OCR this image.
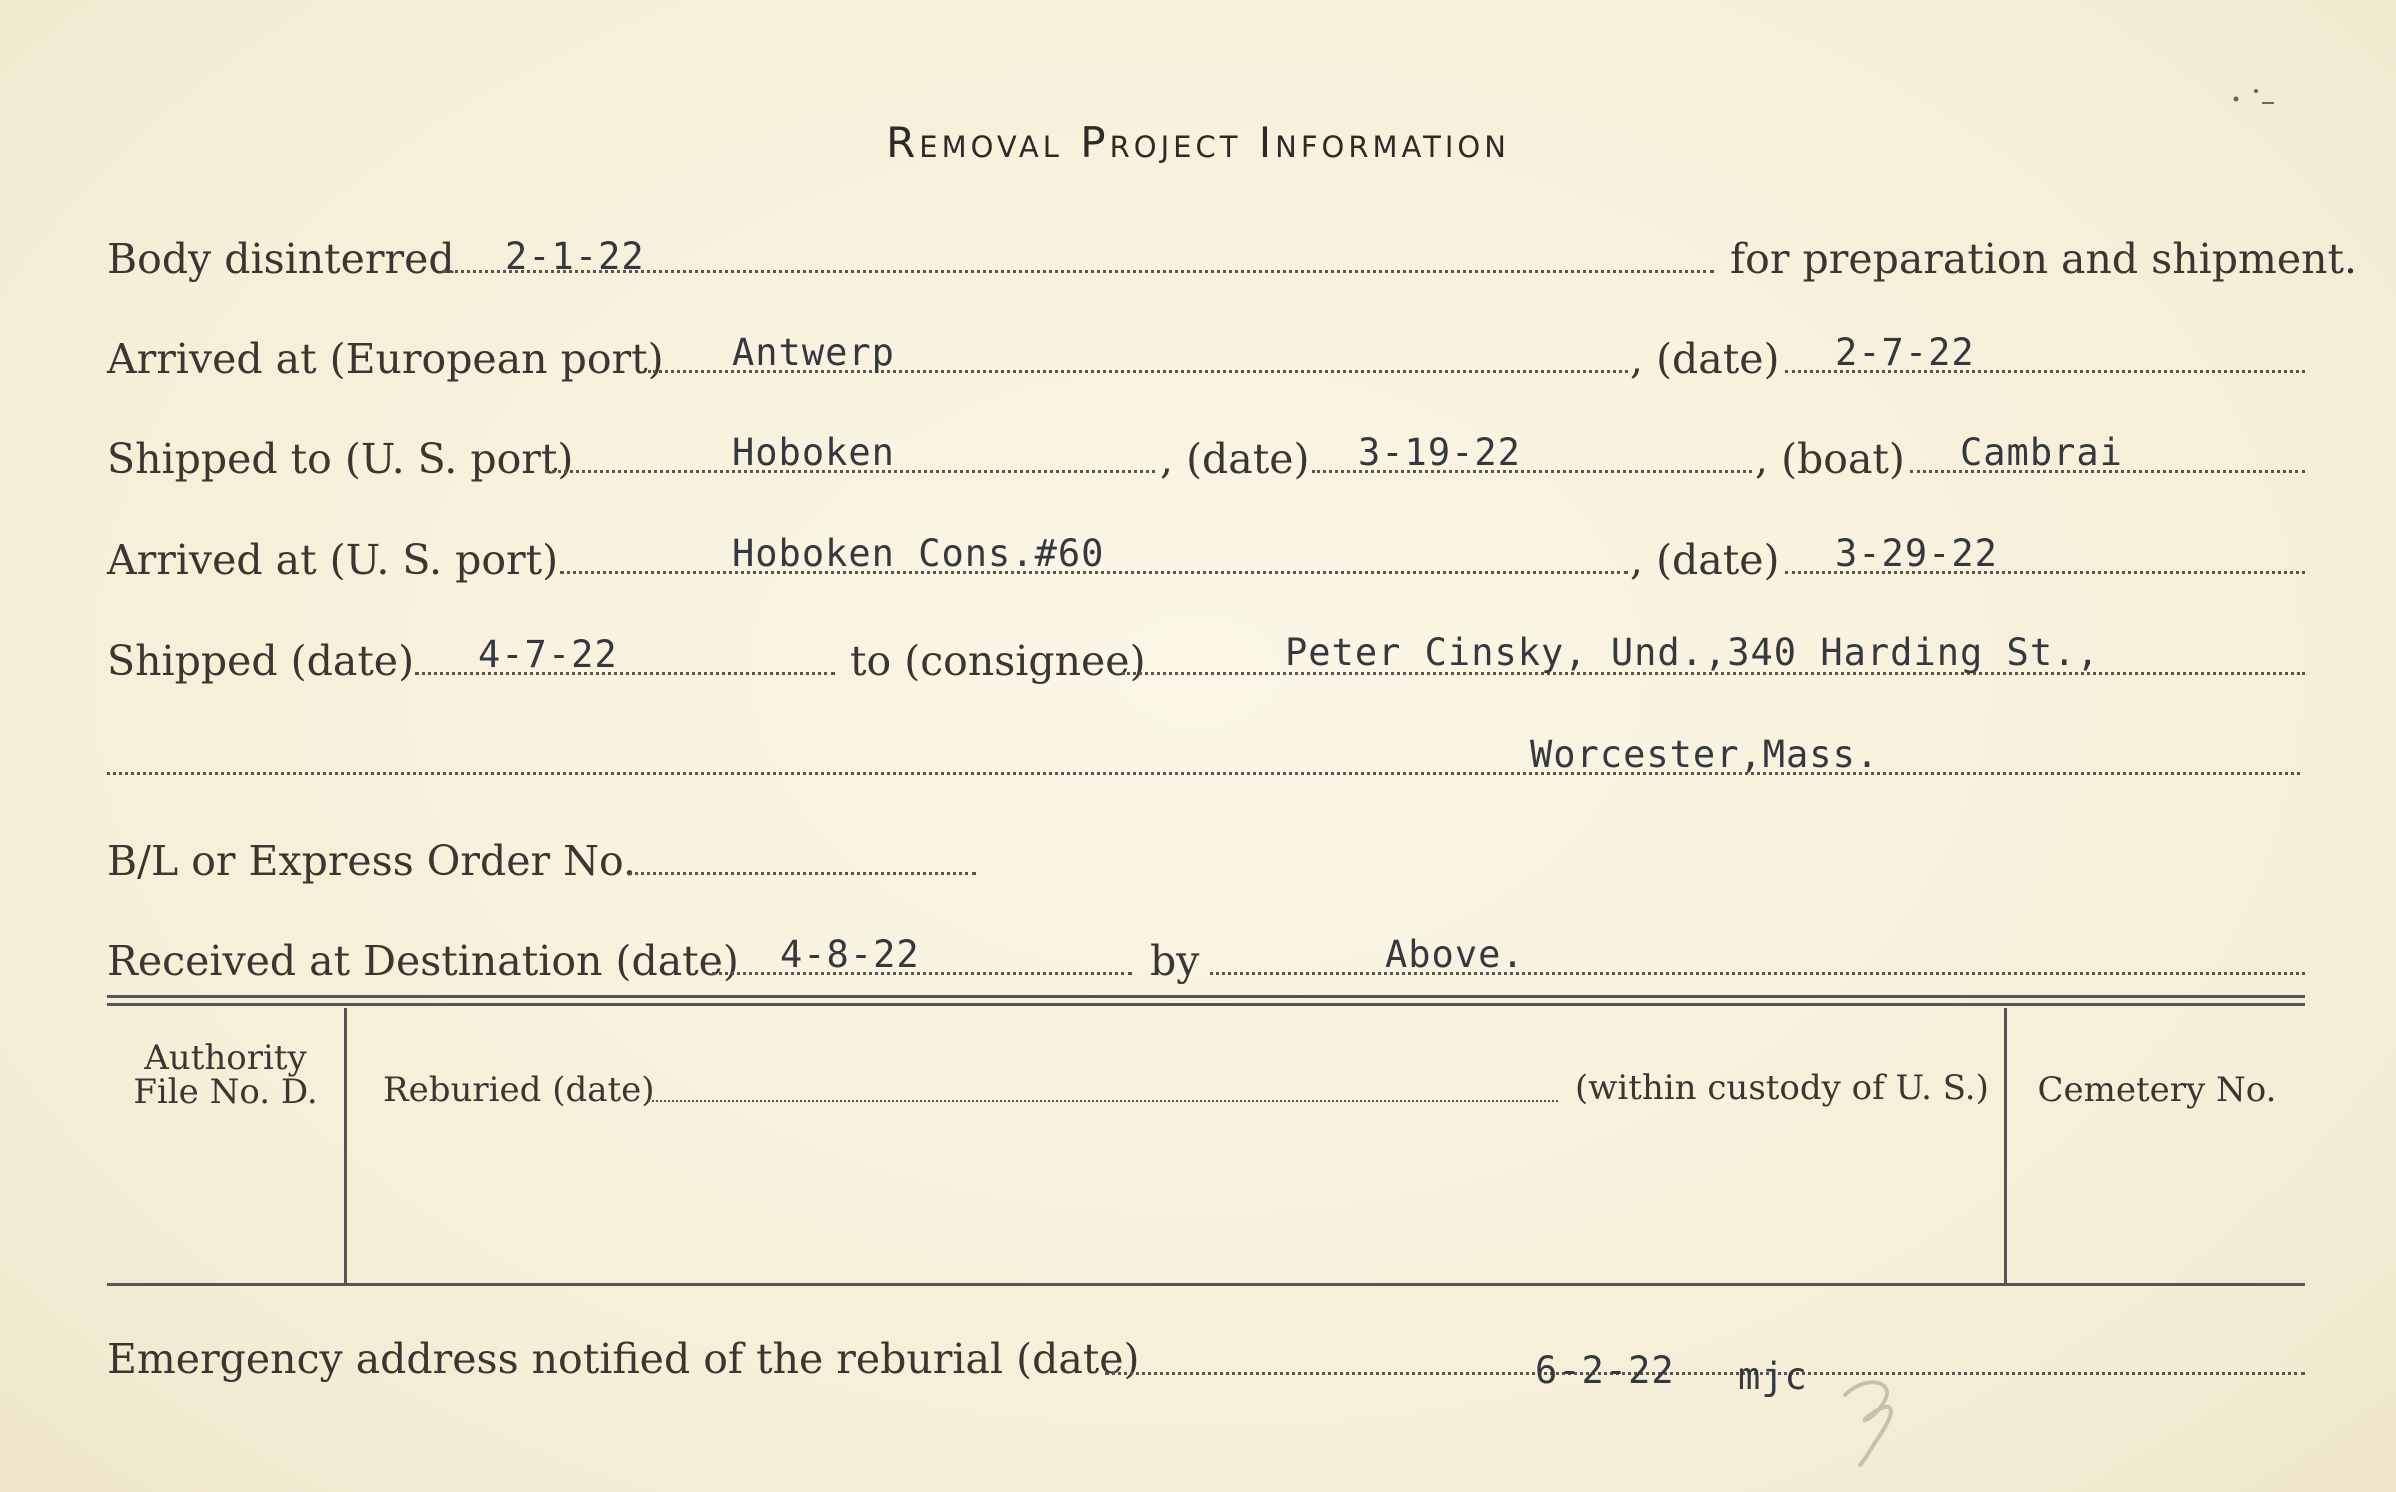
Removal Project Information
Body disinterred 2-1-22	for preparation and shipment.
Arrived at (European port) Antwerp	, (date) 2-7-22
Shipped to (U. S. port)	Hoboken	, (date) 3-19-22	, (boat) Cambrai
Arrived at (U. S. port)	Hoboken Cons.#60	, (date) 3-29-22
Shipped (date) 4-7-22	to (consignee)	Peter Cinsky, Und.,340 Harding St.,
Worcester,Mass.
B/L or Express Order No.
Received at Destination (date) 4-8-22	by	Above.
Authority
File No. D.	Reburied (date)	(within custody of U. S.)	Cemetery No.
Emergency address notified of the reburial (date)	6-2-22 mjc
